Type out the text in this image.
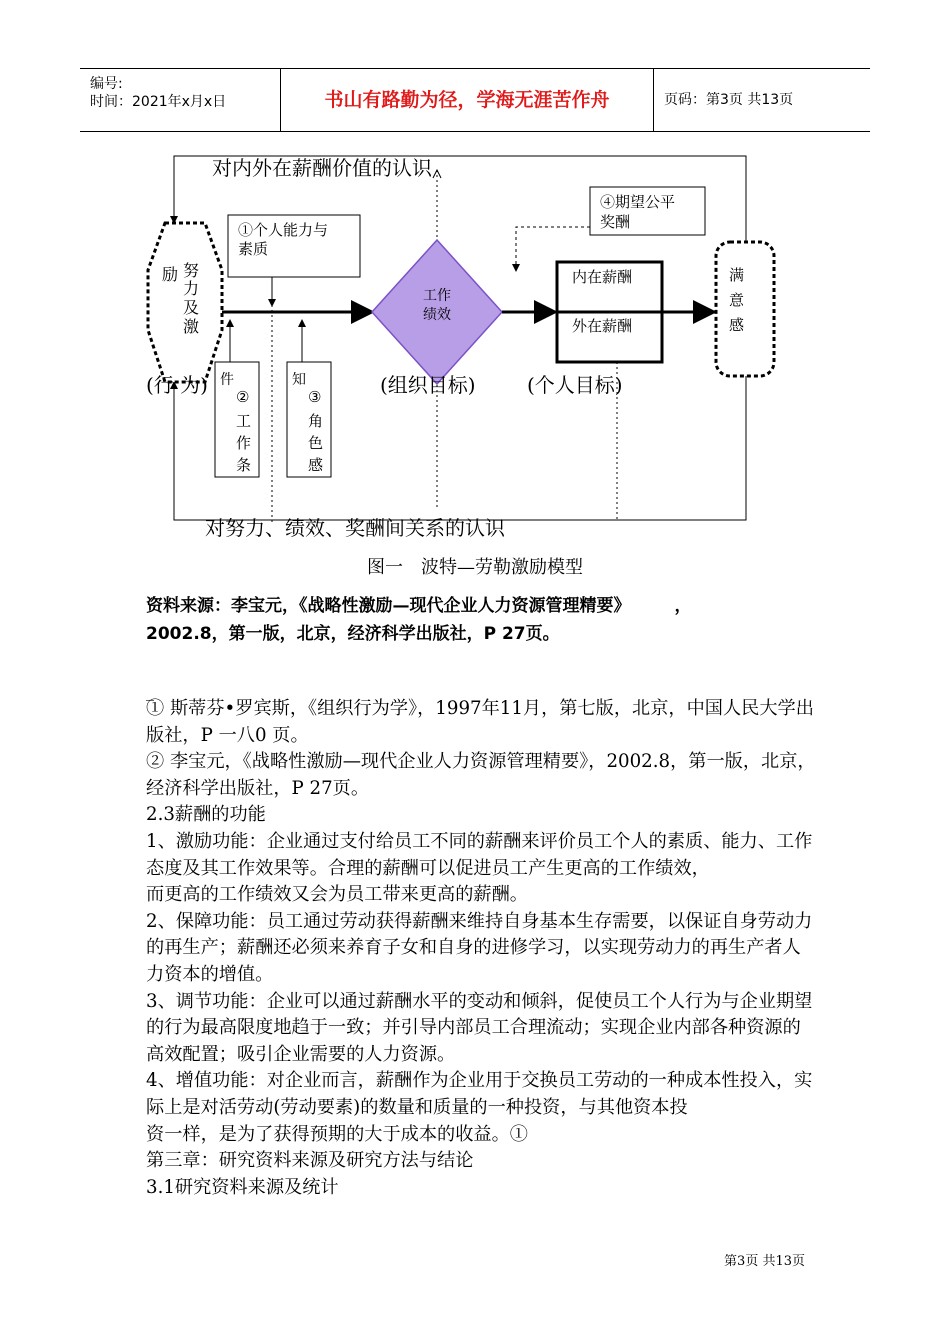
编号:
时间：2021年x月x日	书山有路勤为径，学海无涯苦作舟	页码：第3页 共13页
对内外在薪酬价值的认识
对努力、绩效、奖酬间关系的认识
励 努
力
及
激
①个人能力与
素质
件
②
工
作
条
知
③
角
色
感
工作
绩效
④期望公平
奖酬
内在薪酬
外在薪酬
满
意
感
(行 为)	(组织目标)	(个人目标)
图一　波特—劳勒激励模型
资料来源：李宝元，《战略性激励—现代企业人力资源管理精要》	，
2002.8，第一版，北京，经济科学出版社，P 27页。
_

① 斯蒂芬•罗宾斯，《组织行为学》，1997年11月，第七版，北京，中国人民大学出版社，P 一八0 页。

② 李宝元，《战略性激励—现代企业人力资源管理精要》，2002.8，第一版，北京，经济科学出版社，P 27页。

2.3薪酬的功能

1、激励功能：企业通过支付给员工不同的薪酬来评价员工个人的素质、能力、工作态度及其工作效果等。合理的薪酬可以促进员工产生更高的工作绩效，

而更高的工作绩效又会为员工带来更高的薪酬。

2、保障功能：员工通过劳动获得薪酬来维持自身基本生存需要，以保证自身劳动力的再生产；薪酬还必须来养育子女和自身的进修学习，以实现劳动力的再生产者人力资本的增值。

3、调节功能：企业可以通过薪酬水平的变动和倾斜，促使员工个人行为与企业期望的行为最高限度地趋于一致；并引导内部员工合理流动；实现企业内部各种资源的高效配置；吸引企业需要的人力资源。

4、增值功能：对企业而言，薪酬作为企业用于交换员工劳动的一种成本性投入，实际上是对活劳动(劳动要素)的数量和质量的一种投资，与其他资本投

资一样，是为了获得预期的大于成本的收益。①

第三章：研究资料来源及研究方法与结论

3.1研究资料来源及统计

第3页 共13页
